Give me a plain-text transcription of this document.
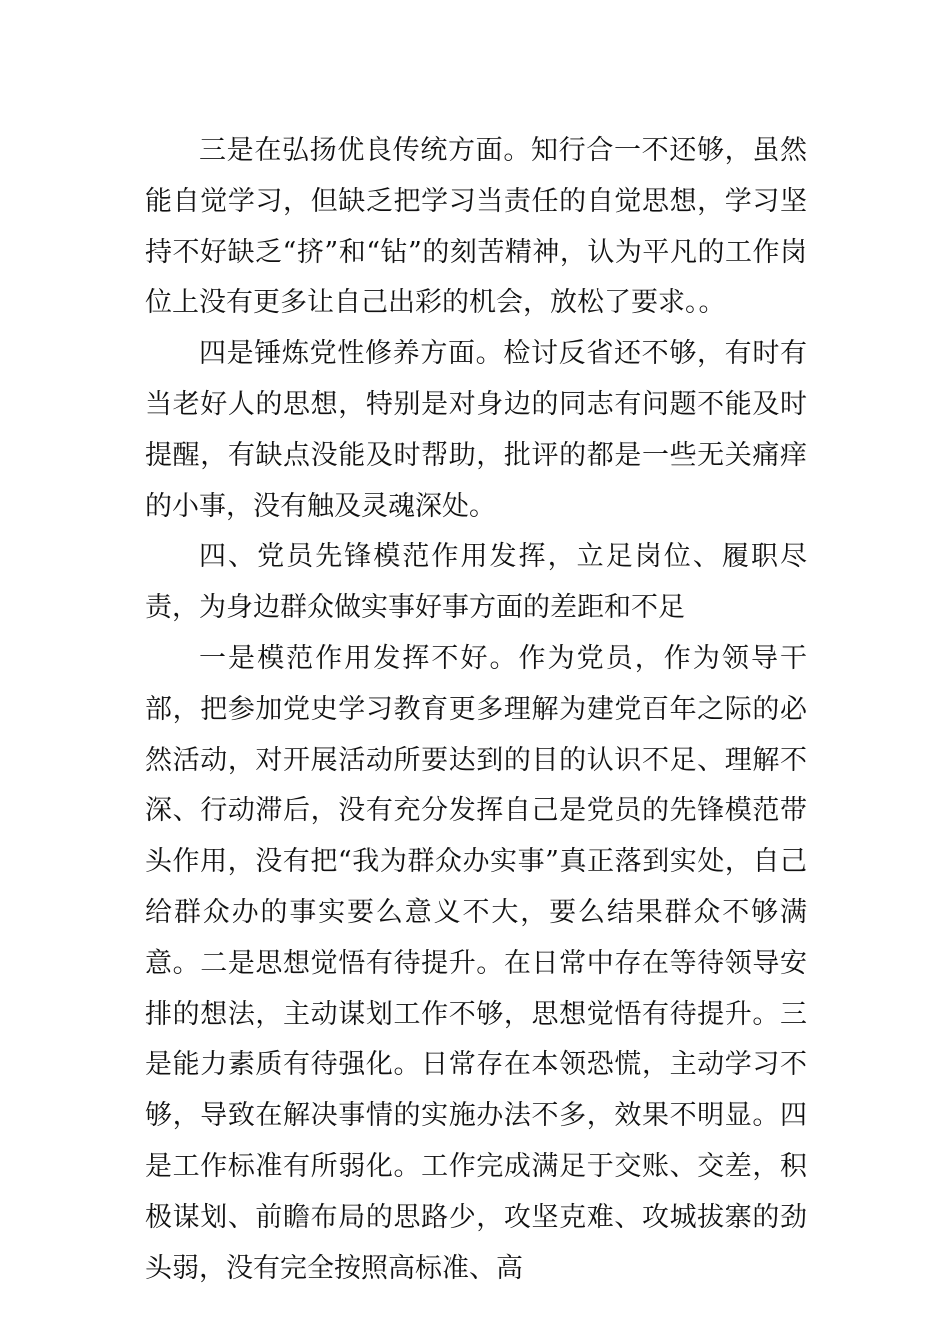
三是在弘扬优良传统方面。知行合一不还够，虽然能自觉学习，但缺乏把学习当责任的自觉思想，学习坚持不好缺乏“挤”和“钻”的刻苦精神，认为平凡的工作岗位上没有更多让自己出彩的机会，放松了要求。。

四是锤炼党性修养方面。检讨反省还不够，有时有当老好人的思想，特别是对身边的同志有问题不能及时提醒，有缺点没能及时帮助，批评的都是一些无关痛痒的小事，没有触及灵魂深处。

四、党员先锋模范作用发挥，立足岗位、履职尽责，为身边群众做实事好事方面的差距和不足

一是模范作用发挥不好。作为党员，作为领导干部，把参加党史学习教育更多理解为建党百年之际的必然活动，对开展活动所要达到的目的认识不足、理解不深、行动滞后，没有充分发挥自己是党员的先锋模范带头作用，没有把“我为群众办实事”真正落到实处，自己给群众办的事实要么意义不大，要么结果群众不够满意。二是思想觉悟有待提升。在日常中存在等待领导安排的想法，主动谋划工作不够，思想觉悟有待提升。三是能力素质有待强化。日常存在本领恐慌，主动学习不够，导致在解决事情的实施办法不多，效果不明显。四是工作标准有所弱化。工作完成满足于交账、交差，积极谋划、前瞻布局的思路少，攻坚克难、攻城拔寨的劲头弱，没有完全按照高标准、高
